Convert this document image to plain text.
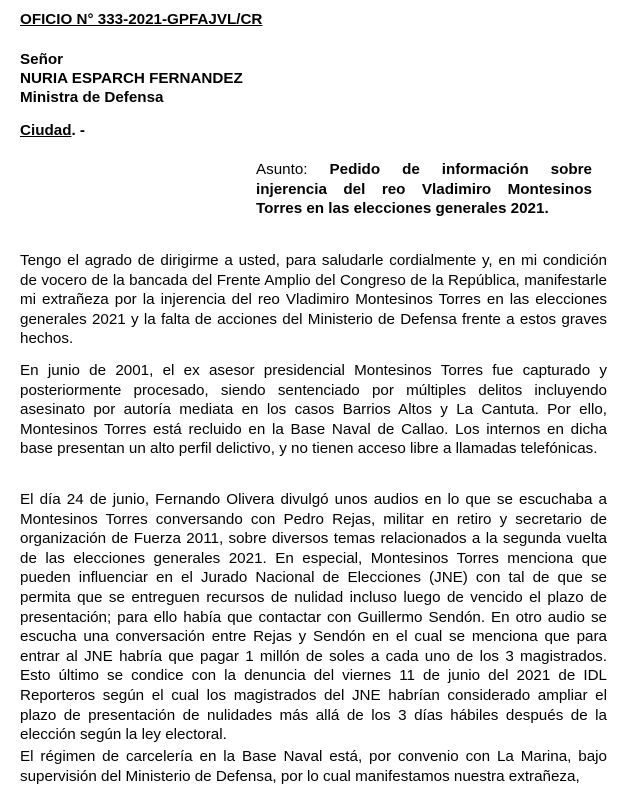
OFICIO N° 333-2021-GPFAJVL/CR
Señor
NURIA ESPARCH FERNANDEZ
Ministra de Defensa
Ciudad. -
Asunto: Pedido de información sobre injerencia del reo Vladimiro Montesinos Torres en las elecciones generales 2021.

Tengo el agrado de dirigirme a usted, para saludarle cordialmente y, en mi condición de vocero de la bancada del Frente Amplio del Congreso de la República, manifestarle mi extrañeza por la injerencia del reo Vladimiro Montesinos Torres en las elecciones generales 2021 y la falta de acciones del Ministerio de Defensa frente a estos graves hechos.

En junio de 2001, el ex asesor presidencial Montesinos Torres fue capturado y posteriormente procesado, siendo sentenciado por múltiples delitos incluyendo asesinato por autoría mediata en los casos Barrios Altos y La Cantuta. Por ello, Montesinos Torres está recluido en la Base Naval de Callao. Los internos en dicha base presentan un alto perfil delictivo, y no tienen acceso libre a llamadas telefónicas.

El día 24 de junio, Fernando Olivera divulgó unos audios en lo que se escuchaba a Montesinos Torres conversando con Pedro Rejas, militar en retiro y secretario de organización de Fuerza 2011, sobre diversos temas relacionados a la segunda vuelta de las elecciones generales 2021. En especial, Montesinos Torres menciona que pueden influenciar en el Jurado Nacional de Elecciones (JNE) con tal de que se permita que se entreguen recursos de nulidad incluso luego de vencido el plazo de presentación; para ello había que contactar con Guillermo Sendón. En otro audio se escucha una conversación entre Rejas y Sendón en el cual se menciona que para entrar al JNE habría que pagar 1 millón de soles a cada uno de los 3 magistrados. Esto último se condice con la denuncia del viernes 11 de junio del 2021 de IDL Reporteros según el cual los magistrados del JNE habrían considerado ampliar el plazo de presentación de nulidades más allá de los 3 días hábiles después de la elección según la ley electoral.

El régimen de carcelería en la Base Naval está, por convenio con La Marina, bajo supervisión del Ministerio de Defensa, por lo cual manifestamos nuestra extrañeza,
